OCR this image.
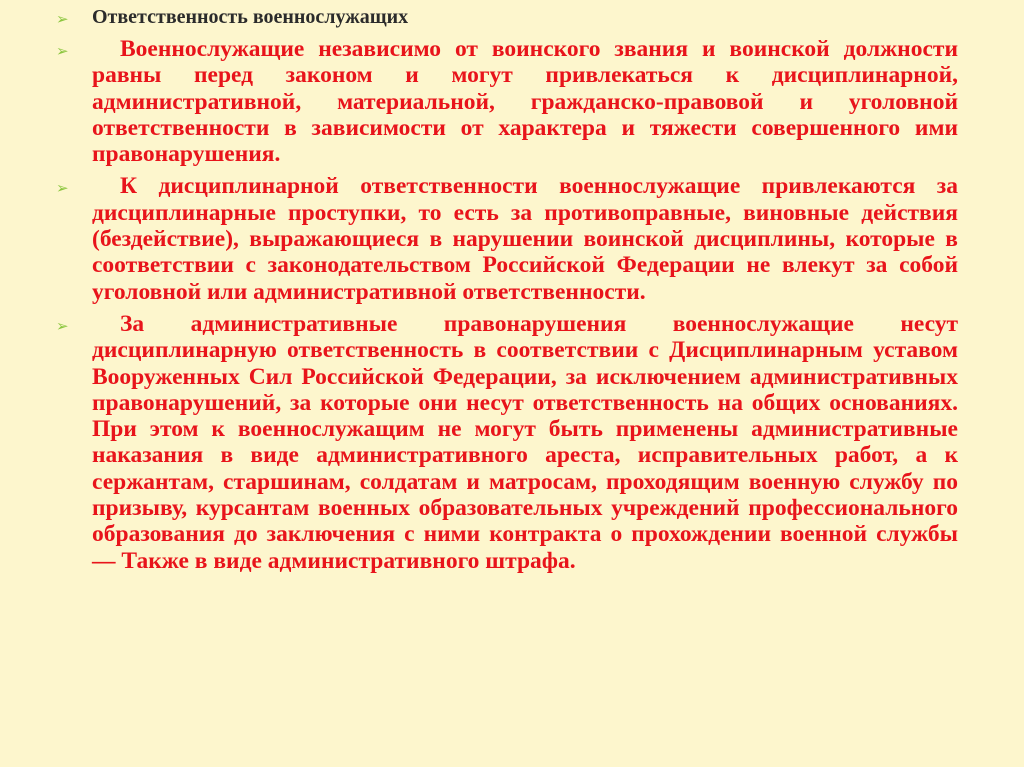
➢ Ответственность военнослужащих
➢	Военнослужащие независимо от воинского звания и воинской должности равны перед законом и могут привлекаться к дисциплинарной, административной, материальной, гражданско-правовой и уголовной ответственности в зависимости от характера и тяжести совершенного ими правонарушения.

➢	К дисциплинарной ответственности военнослужащие привлекаются за дисциплинарные проступки, то есть за противоправные, виновные действия (бездействие), выражающиеся в нарушении воинской дисциплины, которые в соответствии с законодательством Российской Федерации не влекут за собой уголовной или административной ответственности.

➢	За административные правонарушения военнослужащие несут дисциплинарную ответственность в соответствии с Дисциплинарным уставом Вооруженных Сил Российской Федерации, за исключением административных правонарушений, за которые они несут ответственность на общих основаниях. При этом к военнослужащим не могут быть применены административные наказания в виде административного ареста, исправительных работ, а к сержантам, старшинам, солдатам и матросам, проходящим военную службу по призыву, курсантам военных образовательных учреждений профессионального образования до заключения с ними контракта о прохождении военной службы — Также в виде административного штрафа.
